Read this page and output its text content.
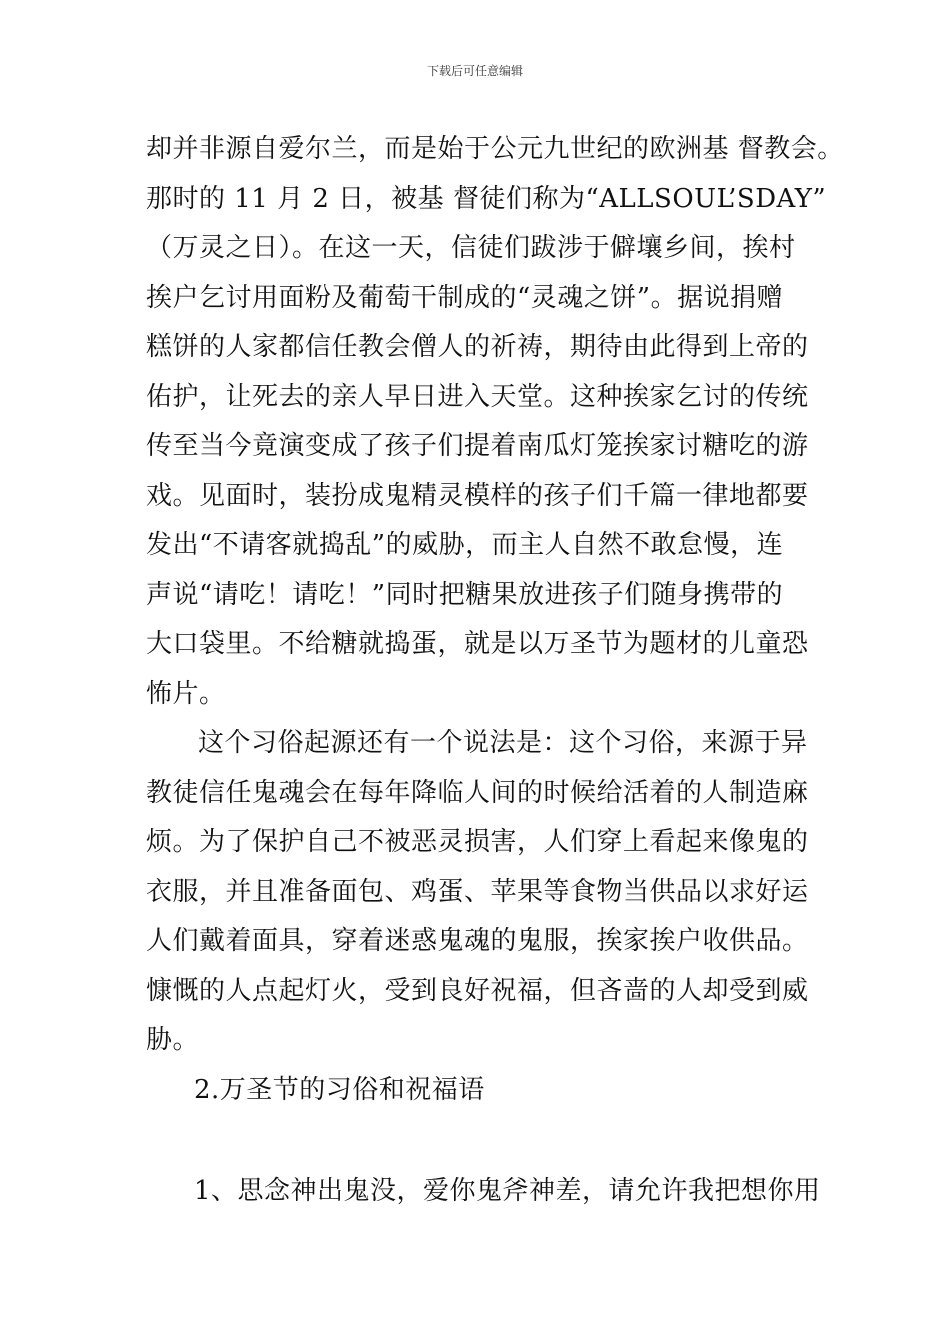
下载后可任意编辑
却并非源自爱尔兰，而是始于公元九世纪的欧洲基 督教会。
那时的 11 月 2 日，被基 督徒们称为“ALLSOUL’SDAY”
（万灵之日）。在这一天，信徒们跋涉于僻壤乡间，挨村
挨户乞讨用面粉及葡萄干制成的“灵魂之饼”。据说捐赠
糕饼的人家都信任教会僧人的祈祷，期待由此得到上帝的
佑护，让死去的亲人早日进入天堂。这种挨家乞讨的传统
传至当今竟演变成了孩子们提着南瓜灯笼挨家讨糖吃的游
戏。见面时，装扮成鬼精灵模样的孩子们千篇一律地都要
发出“不请客就捣乱”的威胁，而主人自然不敢怠慢，连
声说“请吃！请吃！”同时把糖果放进孩子们随身携带的
大口袋里。不给糖就捣蛋，就是以万圣节为题材的儿童恐
怖片。
这个习俗起源还有一个说法是：这个习俗，来源于异
教徒信任鬼魂会在每年降临人间的时候给活着的人制造麻
烦。为了保护自己不被恶灵损害，人们穿上看起来像鬼的
衣服，并且准备面包、鸡蛋、苹果等食物当供品以求好运
人们戴着面具，穿着迷惑鬼魂的鬼服，挨家挨户收供品。
慷慨的人点起灯火，受到良好祝福，但吝啬的人却受到威
胁。
2.万圣节的习俗和祝福语
1、思念神出鬼没，爱你鬼斧神差，请允许我把想你用
